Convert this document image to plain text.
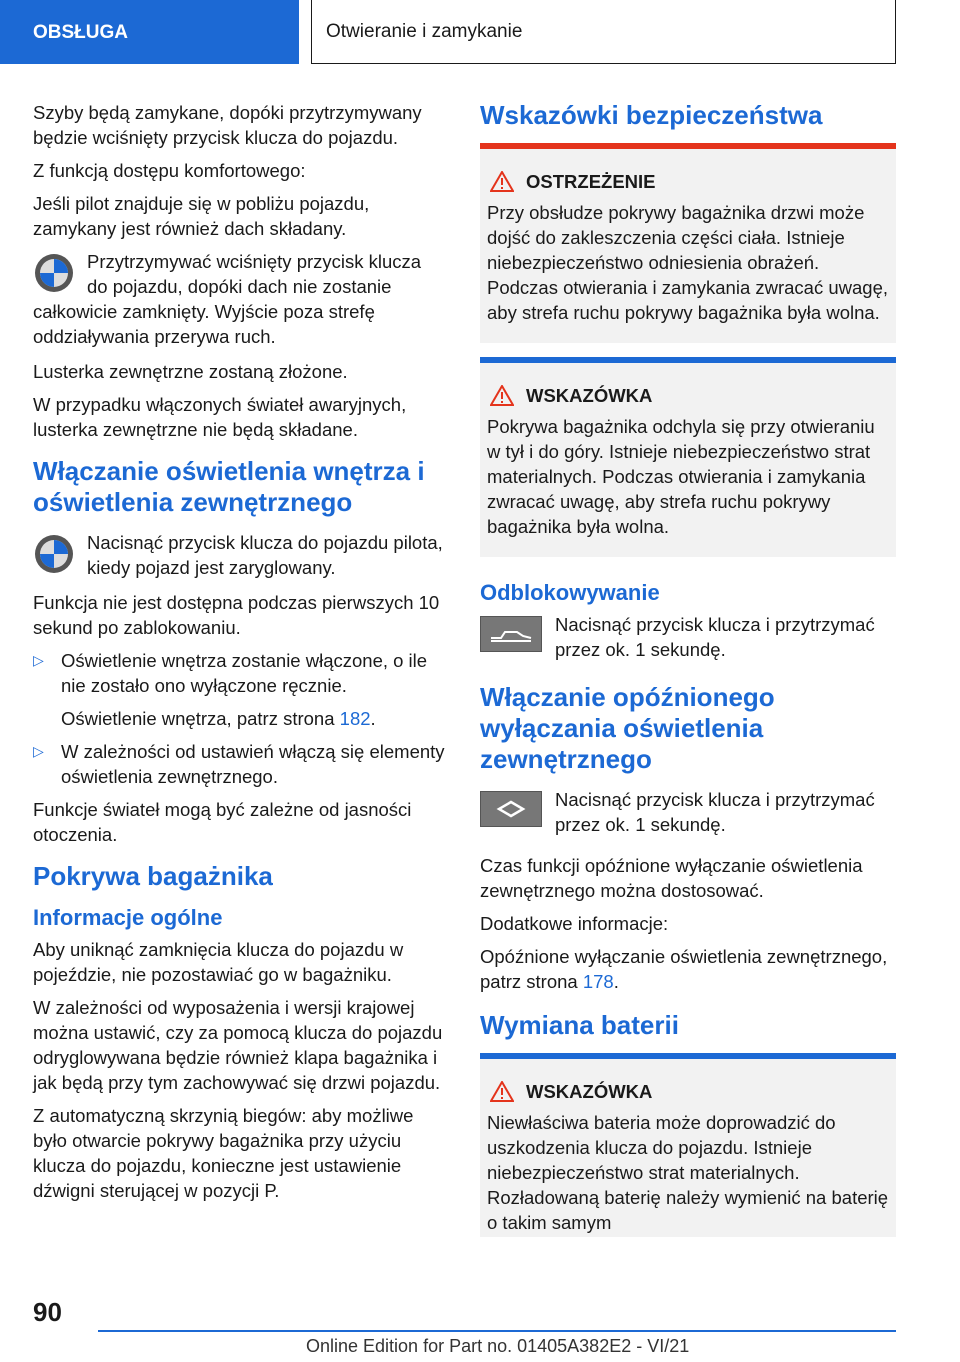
OBSŁUGA	Otwieranie i zamykanie

Szyby będą zamykane, dopóki przytrzymywany będzie wciśnięty przycisk klucza do pojazdu.

Z funkcją dostępu komfortowego:

Jeśli pilot znajduje się w pobliżu pojazdu, zamykany jest również dach składany.

Przytrzymywać wciśnięty przycisk klucza do pojazdu, dopóki dach nie zostanie całkowicie zamknięty. Wyjście poza strefę oddziaływania przerywa ruch.

Lusterka zewnętrzne zostaną złożone.

W przypadku włączonych świateł awaryjnych, lusterka zewnętrzne nie będą składane.

Włączanie oświetlenia wnętrza i oświetlenia zewnętrznego
Nacisnąć przycisk klucza do pojazdu pilota, kiedy pojazd jest zaryglowany.

Funkcja nie jest dostępna podczas pierwszych 10 sekund po zablokowaniu.

▷ Oświetlenie wnętrza zostanie włączone, o ile nie zostało ono wyłączone ręcznie.

Oświetlenie wnętrza, patrz strona 182.

▷ W zależności od ustawień włączą się elementy oświetlenia zewnętrznego.

Funkcje świateł mogą być zależne od jasności otoczenia.

Pokrywa bagażnika
Informacje ogólne

Aby uniknąć zamknięcia klucza do pojazdu w pojeździe, nie pozostawiać go w bagażniku.

W zależności od wyposażenia i wersji krajowej można ustawić, czy za pomocą klucza do pojazdu odryglowywana będzie również klapa bagażnika i jak będą przy tym zachowywać się drzwi pojazdu.

Z automatyczną skrzynią biegów: aby możliwe było otwarcie pokrywy bagażnika przy użyciu klucza do pojazdu, konieczne jest ustawienie dźwigni sterującej w pozycji P.

Wskazówki bezpieczeństwa
OSTRZEŻENIE
Przy obsłudze pokrywy bagażnika drzwi może dojść do zakleszczenia części ciała. Istnieje niebezpieczeństwo odniesienia obrażeń. Podczas otwierania i zamykania zwracać uwagę, aby strefa ruchu pokrywy bagażnika była wolna.
WSKAZÓWKA
Pokrywa bagażnika odchyla się przy otwieraniu w tył i do góry. Istnieje niebezpieczeństwo strat materialnych. Podczas otwierania i zamykania zwracać uwagę, aby strefa ruchu pokrywy bagażnika była wolna.
Odblokowywanie
Nacisnąć przycisk klucza i przytrzymać przez ok. 1 sekundę.
Włączanie opóźnionego wyłączania oświetlenia zewnętrznego
Nacisnąć przycisk klucza i przytrzymać przez ok. 1 sekundę.

Czas funkcji opóźnione wyłączanie oświetlenia zewnętrznego można dostosować.

Dodatkowe informacje:

Opóźnione wyłączanie oświetlenia zewnętrznego, patrz strona 178.

Wymiana baterii
WSKAZÓWKA
Niewłaściwa bateria może doprowadzić do uszkodzenia klucza do pojazdu. Istnieje niebezpieczeństwo strat materialnych. Rozładowaną baterię należy wymienić na baterię o takim samym
90
Online Edition for Part no. 01405A382E2 - VI/21
